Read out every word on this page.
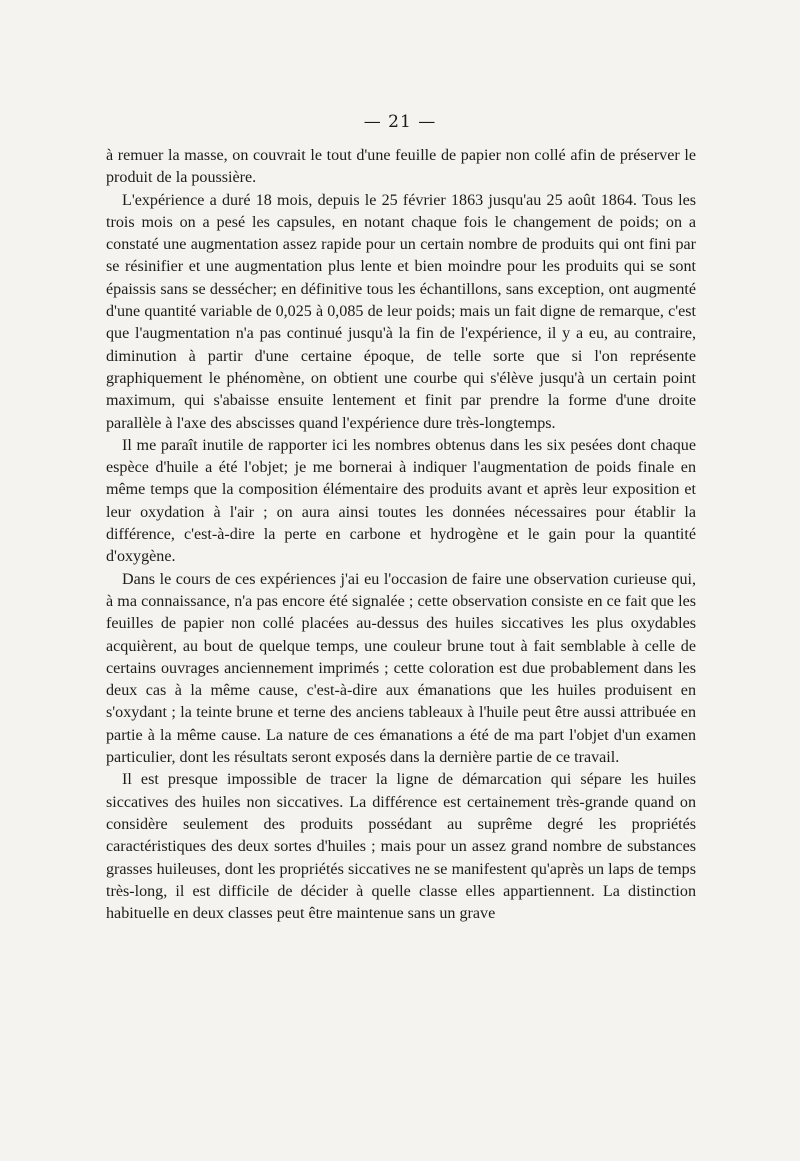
— 21 —

à remuer la masse, on couvrait le tout d'une feuille de papier non collé afin de préserver le produit de la poussière.

L'expérience a duré 18 mois, depuis le 25 février 1863 jusqu'au 25 août 1864. Tous les trois mois on a pesé les capsules, en notant chaque fois le changement de poids; on a constaté une augmentation assez rapide pour un certain nombre de produits qui ont fini par se résinifier et une augmentation plus lente et bien moindre pour les produits qui se sont épaissis sans se dessécher; en définitive tous les échantillons, sans exception, ont augmenté d'une quantité variable de 0,025 à 0,085 de leur poids; mais un fait digne de remarque, c'est que l'augmentation n'a pas continué jusqu'à la fin de l'expérience, il y a eu, au contraire, diminution à partir d'une certaine époque, de telle sorte que si l'on représente graphiquement le phénomène, on obtient une courbe qui s'élève jusqu'à un certain point maximum, qui s'abaisse ensuite lentement et finit par prendre la forme d'une droite parallèle à l'axe des abscisses quand l'expérience dure très-longtemps.

Il me paraît inutile de rapporter ici les nombres obtenus dans les six pesées dont chaque espèce d'huile a été l'objet; je me bornerai à indiquer l'augmentation de poids finale en même temps que la composition élémentaire des produits avant et après leur exposition et leur oxydation à l'air ; on aura ainsi toutes les données nécessaires pour établir la différence, c'est-à-dire la perte en carbone et hydrogène et le gain pour la quantité d'oxygène.

Dans le cours de ces expériences j'ai eu l'occasion de faire une observation curieuse qui, à ma connaissance, n'a pas encore été signalée ; cette observation consiste en ce fait que les feuilles de papier non collé placées au-dessus des huiles siccatives les plus oxydables acquièrent, au bout de quelque temps, une couleur brune tout à fait semblable à celle de certains ouvrages anciennement imprimés ; cette coloration est due probablement dans les deux cas à la même cause, c'est-à-dire aux émanations que les huiles produisent en s'oxydant ; la teinte brune et terne des anciens tableaux à l'huile peut être aussi attribuée en partie à la même cause. La nature de ces émanations a été de ma part l'objet d'un examen particulier, dont les résultats seront exposés dans la dernière partie de ce travail.

Il est presque impossible de tracer la ligne de démarcation qui sépare les huiles siccatives des huiles non siccatives. La différence est certainement très-grande quand on considère seulement des produits possédant au suprême degré les propriétés caractéristiques des deux sortes d'huiles ; mais pour un assez grand nombre de substances grasses huileuses, dont les propriétés siccatives ne se manifestent qu'après un laps de temps très-long, il est difficile de décider à quelle classe elles appartiennent. La distinction habituelle en deux classes peut être maintenue sans un grave
